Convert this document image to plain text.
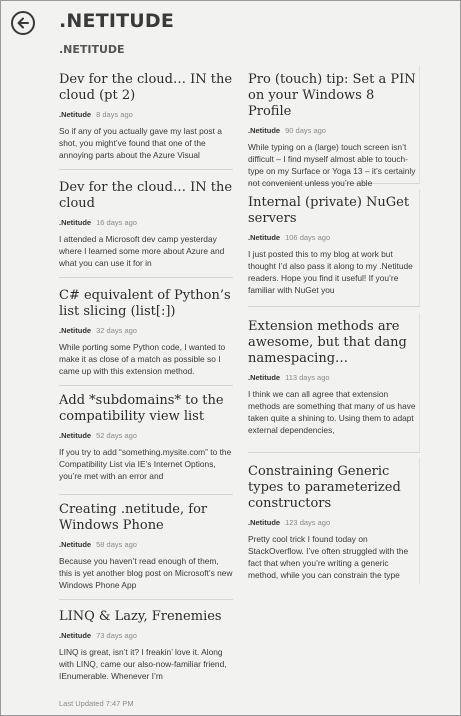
.NETITUDE
.NETITUDE
Dev for the cloud… IN the cloud (pt 2)
.Netitude 8 days ago
So if any of you actually gave my last post a shot, you might’ve found that one of the annoying parts about the Azure Visual
Dev for the cloud… IN the cloud
.Netitude 16 days ago
I attended a Microsoft dev camp yesterday where I learned some more about Azure and what you can use it for in
C# equivalent of Python’s list slicing (list[:])
.Netitude 32 days ago
While porting some Python code, I wanted to make it as close of a match as possible so I came up with this extension method.
Add *subdomains* to the compatibility view list
.Netitude 52 days ago
If you try to add “something.mysite.com” to the Compatibility List via IE’s Internet Options, you’re met with an error and
Creating .netitude, for Windows Phone
.Netitude 58 days ago
Because you haven’t read enough of them, this is yet another blog post on Microsoft’s new Windows Phone App
LINQ & Lazy, Frenemies
.Netitude 73 days ago
LINQ is great, isn’t it? I freakin’ love it. Along with LINQ, came our also-now-familiar friend, IEnumerable. Whenever I’m
Pro (touch) tip: Set a PIN on your Windows 8 Profile
.Netitude 90 days ago
While typing on a (large) touch screen isn’t difficult – I find myself almost able to touch-type on my Surface or Yoga 13 – it’s certainly not convenient unless you’re able
Internal (private) NuGet servers
.Netitude 106 days ago
I just posted this to my blog at work but thought I’d also pass it along to my .Netitude readers. Hope you find it useful! If you’re familiar with NuGet you
Extension methods are awesome, but that dang namespacing…
.Netitude 113 days ago
I think we can all agree that extension methods are something that many of us have taken quite a shining to. Using them to adapt external dependencies,
Constraining Generic types to parameterized constructors
.Netitude 123 days ago
Pretty cool trick I found today on StackOverflow. I’ve often struggled with the fact that when you’re writing a generic method, while you can constrain the type
Last Updated 7:47 PM
